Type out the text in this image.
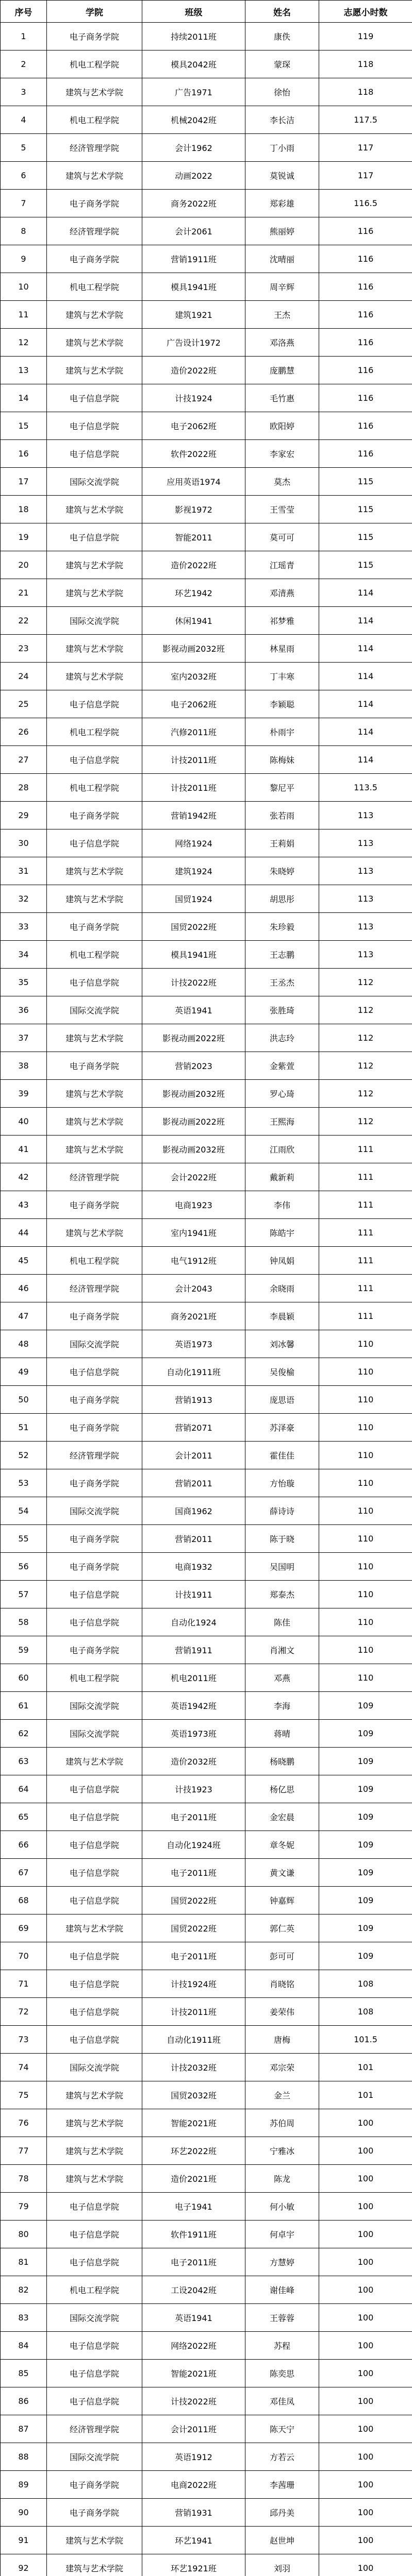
序号	学院	班级	姓名	志愿小时数
1	电子商务学院	持续2011班	康佚	119
2	机电工程学院	模具2042班	蒙琛	118
3	建筑与艺术学院	广告1971	徐怡	118
4	机电工程学院	机械2042班	李长洁	117.5
5	经济管理学院	会计1962	丁小雨	117
6	建筑与艺术学院	动画2022	莫锐诚	117
7	电子商务学院	商务2022班	郑彩雄	116.5
8	经济管理学院	会计2061	熊丽婷	116
9	电子商务学院	营销1911班	沈晴丽	116
10	机电工程学院	模具1941班	周辛辉	116
11	建筑与艺术学院	建筑1921	王杰	116
12	建筑与艺术学院	广告设计1972	邓洛燕	116
13	建筑与艺术学院	造价2022班	庞鹏慧	116
14	电子信息学院	计技1924	毛竹惠	116
15	电子信息学院	电子2062班	欧阳婷	116
16	电子信息学院	软件2022班	李家宏	116
17	国际交流学院	应用英语1974	莫杰	115
18	建筑与艺术学院	影视1972	王雪莹	115
19	电子信息学院	智能2011	莫可可	115
20	建筑与艺术学院	造价2022班	江瑶青	115
21	建筑与艺术学院	环艺1942	邓清燕	114
22	国际交流学院	休闲1941	祁梦雅	114
23	建筑与艺术学院	影视动画2032班	林星雨	114
24	建筑与艺术学院	室内2032班	丁丰寒	114
25	电子信息学院	电子2062班	李颖聪	114
26	机电工程学院	汽修2011班	朴雨宇	114
27	电子信息学院	计技2011班	陈梅妹	114
28	机电工程学院	计技2011班	黎尼平	113.5
29	电子商务学院	营销1942班	张若雨	113
30	电子信息学院	网络1924	王莉娟	113
31	建筑与艺术学院	建筑1924	朱晓婷	113
32	建筑与艺术学院	国贸1924	胡思彤	113
33	电子商务学院	国贸2022班	朱珍毅	113
34	机电工程学院	模具1941班	王志鹏	113
35	电子信息学院	计技2022班	王丞杰	112
36	国际交流学院	英语1941	张胜琦	112
37	建筑与艺术学院	影视动画2022班	洪志玲	112
38	电子商务学院	营销2023	金紫萱	112
39	建筑与艺术学院	影视动画2032班	罗心琦	112
40	建筑与艺术学院	影视动画2022班	王熙海	112
41	建筑与艺术学院	影视动画2032班	江雨欣	111
42	经济管理学院	会计2022班	戴新莉	111
43	电子商务学院	电商1923	李伟	111
44	建筑与艺术学院	室内1941班	陈皓宇	111
45	机电工程学院	电气1912班	钟凤娟	111
46	经济管理学院	会计2043	余晓雨	111
47	电子商务学院	商务2021班	李晨颖	111
48	国际交流学院	英语1973	刘冰馨	110
49	电子信息学院	自动化1911班	吴俊榆	110
50	电子商务学院	营销1913	庞思语	110
51	电子商务学院	营销2071	苏泽豪	110
52	经济管理学院	会计2011	霍佳佳	110
53	电子商务学院	营销2011	方怡璇	110
54	国际交流学院	国商1962	薛诗诗	110
55	电子商务学院	营销2011	陈于晓	110
56	电子商务学院	电商1932	吴国明	110
57	电子信息学院	计技1911	郑泰杰	110
58	电子信息学院	自动化1924	陈佳	110
59	电子商务学院	营销1911	肖湘文	110
60	机电工程学院	机电2011班	邓燕	110
61	国际交流学院	英语1942班	李海	109
62	国际交流学院	英语1973班	蒋晴	109
63	建筑与艺术学院	造价2032班	杨晓鹏	109
64	电子信息学院	计技1923	杨亿思	109
65	电子信息学院	电子2011班	金宏晨	109
66	电子信息学院	自动化1924班	章冬妮	109
67	电子信息学院	电子2011班	黄文谦	109
68	电子信息学院	国贸2022班	钟嘉辉	109
69	建筑与艺术学院	国贸2022班	郭仁英	109
70	电子信息学院	电子2011班	彭可可	109
71	电子信息学院	计技1924班	肖晓铭	108
72	电子信息学院	计技2011班	姜荣伟	108
73	电子信息学院	自动化1911班	唐梅	101.5
74	国际交流学院	计技2032班	邓宗荣	101
75	建筑与艺术学院	国贸2032班	金兰	101
76	建筑与艺术学院	智能2021班	苏伯周	100
77	建筑与艺术学院	环艺2022班	宁雅冰	100
78	建筑与艺术学院	造价2021班	陈龙	100
79	电子信息学院	电子1941	何小敏	100
80	电子信息学院	软件1911班	何卓宇	100
81	电子信息学院	电子2011班	方慧婷	100
82	机电工程学院	工设2042班	谢佳峰	100
83	国际交流学院	英语1941	王蓉蓉	100
84	电子信息学院	网络2022班	苏程	100
85	电子信息学院	智能2021班	陈奕思	100
86	电子信息学院	计技2022班	邓佳凤	100
87	经济管理学院	会计2011班	陈天宁	100
88	国际交流学院	英语1912	方若云	100
89	电子商务学院	电商2022班	李茜珊	100
90	电子商务学院	营销1931	邱丹美	100
91	建筑与艺术学院	环艺1941	赵世坤	100
92	建筑与艺术学院	环艺1921班	刘羽	100
